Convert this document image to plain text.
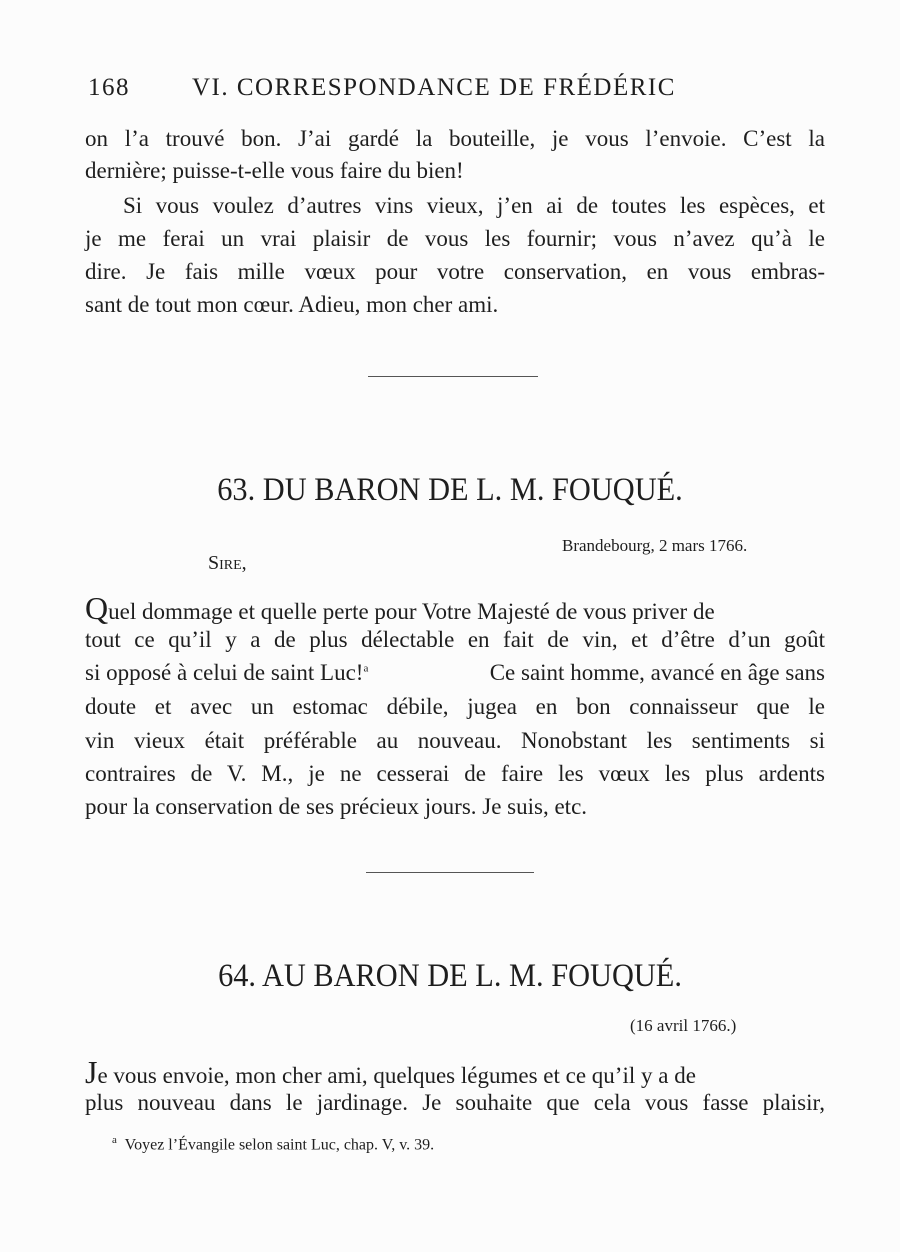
168 VI. CORRESPONDANCE DE FRÉDÉRIC
on l’a trouvé bon. J’ai gardé la bouteille, je vous l’envoie. C’est la
dernière; puisse-t-elle vous faire du bien!
Si vous voulez d’autres vins vieux, j’en ai de toutes les espèces, et
je me ferai un vrai plaisir de vous les fournir; vous n’avez qu’à le
dire. Je fais mille vœux pour votre conservation, en vous embras-
sant de tout mon cœur. Adieu, mon cher ami.
63. DU BARON DE L. M. FOUQUÉ.
Brandebourg, 2 mars 1766.
Sire,
Q uel dommage et quelle perte pour Votre Majesté de vous priver de
tout ce qu’il y a de plus délectable en fait de vin, et d’être d’un goût
si opposé à celui de saint Luc!$^a$	Ce saint homme, avancé en âge sans
doute et avec un estomac débile, jugea en bon connaisseur que le
vin vieux était préférable au nouveau. Nonobstant les sentiments si
contraires de V. M., je ne cesserai de faire les vœux les plus ardents
pour la conservation de ses précieux jours. Je suis, etc.
64. AU BARON DE L. M. FOUQUÉ.
(16 avril 1766.)
J e vous envoie, mon cher ami, quelques légumes et ce qu’il y a de
plus nouveau dans le jardinage. Je souhaite que cela vous fasse plaisir,
$^a$ Voyez l’Évangile selon saint Luc, chap. V, v. 39.
